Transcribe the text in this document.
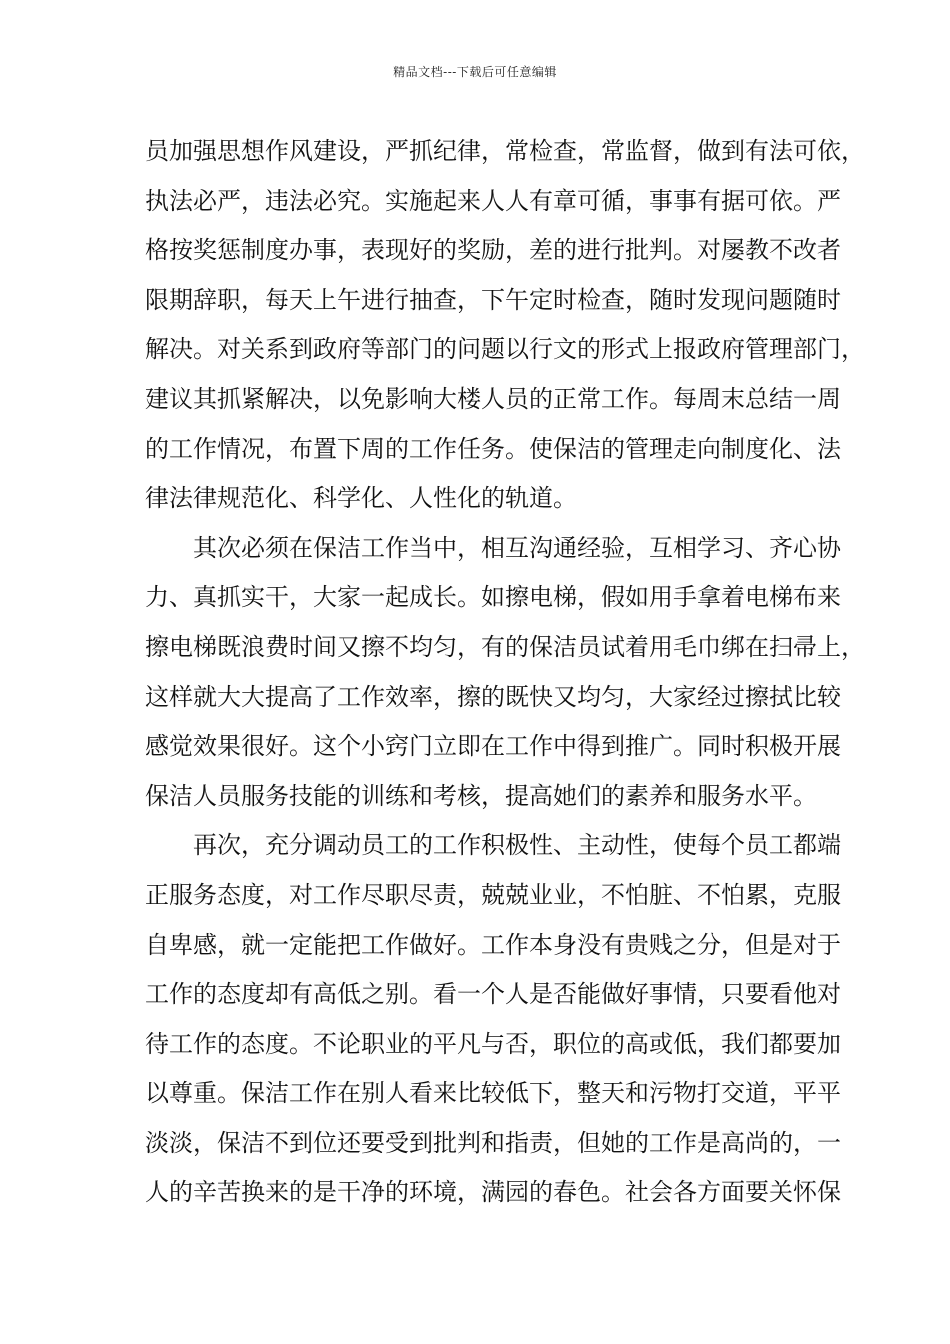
精品文档---下载后可任意编辑
员加强思想作风建设，严抓纪律，常检查，常监督，做到有法可依，
执法必严，违法必究。实施起来人人有章可循，事事有据可依。严
格按奖惩制度办事，表现好的奖励，差的进行批判。对屡教不改者
限期辞职，每天上午进行抽查，下午定时检查，随时发现问题随时
解决。对关系到政府等部门的问题以行文的形式上报政府管理部门，
建议其抓紧解决，以免影响大楼人员的正常工作。每周末总结一周
的工作情况，布置下周的工作任务。使保洁的管理走向制度化、法
律法律规范化、科学化、人性化的轨道。
其次必须在保洁工作当中，相互沟通经验，互相学习、齐心协
力、真抓实干，大家一起成长。如擦电梯，假如用手拿着电梯布来
擦电梯既浪费时间又擦不均匀，有的保洁员试着用毛巾绑在扫帚上，
这样就大大提高了工作效率，擦的既快又均匀，大家经过擦拭比较
感觉效果很好。这个小窍门立即在工作中得到推广。同时积极开展
保洁人员服务技能的训练和考核，提高她们的素养和服务水平。
再次，充分调动员工的工作积极性、主动性，使每个员工都端
正服务态度，对工作尽职尽责，兢兢业业，不怕脏、不怕累，克服
自卑感，就一定能把工作做好。工作本身没有贵贱之分，但是对于
工作的态度却有高低之别。看一个人是否能做好事情，只要看他对
待工作的态度。不论职业的平凡与否，职位的高或低，我们都要加
以尊重。保洁工作在别人看来比较低下，整天和污物打交道，平平
淡淡，保洁不到位还要受到批判和指责，但她的工作是高尚的，一
人的辛苦换来的是干净的环境，满园的春色。社会各方面要关怀保
